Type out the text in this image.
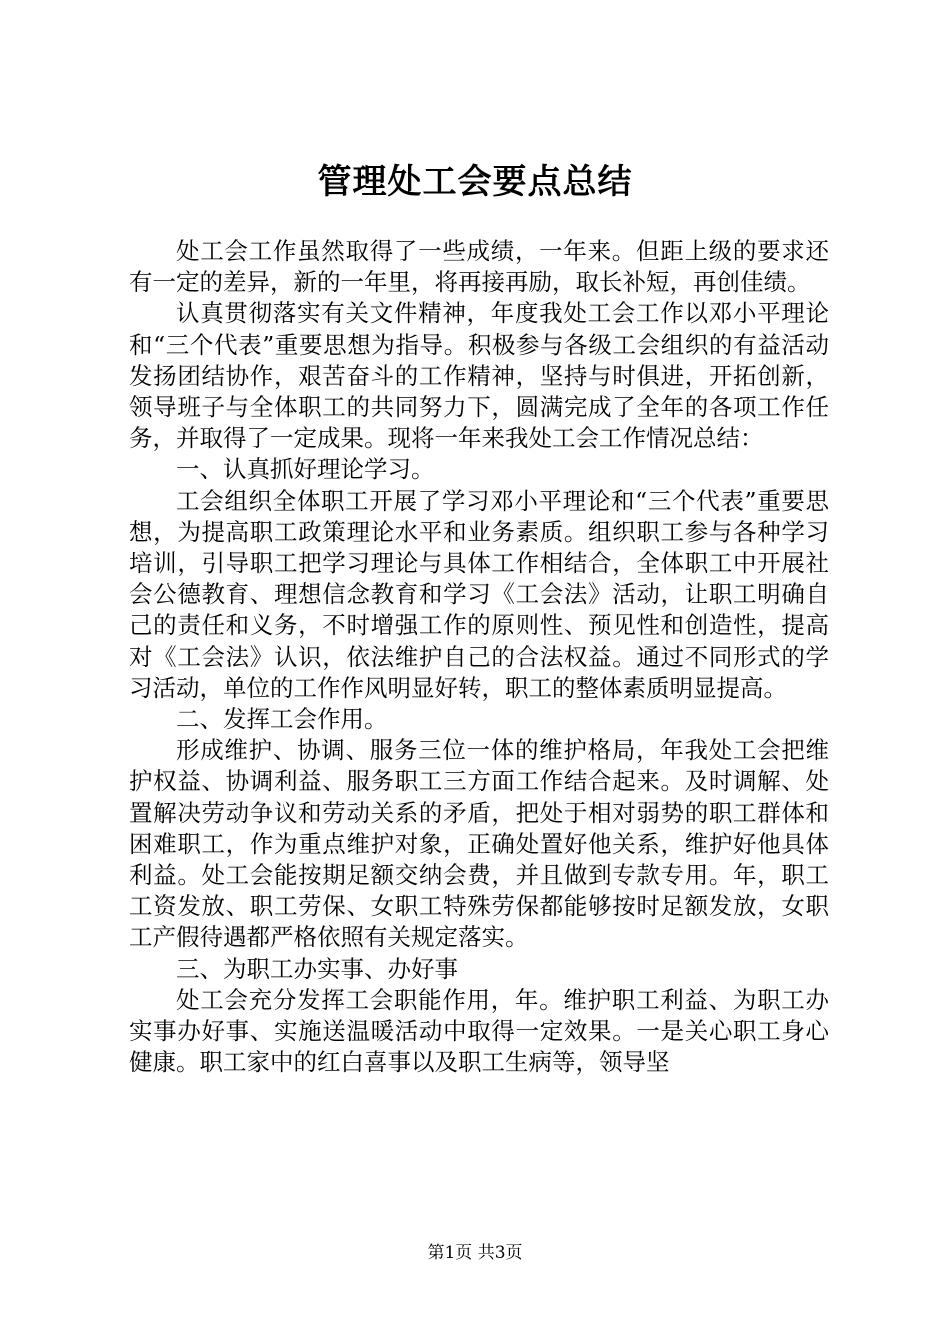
管理处工会要点总结

处工会工作虽然取得了一些成绩，一年来。但距上级的要求还有一定的差异，新的一年里，将再接再励，取长补短，再创佳绩。

认真贯彻落实有关文件精神，年度我处工会工作以邓小平理论和“三个代表”重要思想为指导。积极参与各级工会组织的有益活动发扬团结协作，艰苦奋斗的工作精神，坚持与时俱进，开拓创新，领导班子与全体职工的共同努力下，圆满完成了全年的各项工作任务，并取得了一定成果。现将一年来我处工会工作情况总结：

一、认真抓好理论学习。

工会组织全体职工开展了学习邓小平理论和“三个代表”重要思想，为提高职工政策理论水平和业务素质。组织职工参与各种学习培训，引导职工把学习理论与具体工作相结合，全体职工中开展社会公德教育、理想信念教育和学习《工会法》活动，让职工明确自己的责任和义务，不时增强工作的原则性、预见性和创造性，提高对《工会法》认识，依法维护自己的合法权益。通过不同形式的学习活动，单位的工作作风明显好转，职工的整体素质明显提高。

二、发挥工会作用。

形成维护、协调、服务三位一体的维护格局，年我处工会把维护权益、协调利益、服务职工三方面工作结合起来。及时调解、处置解决劳动争议和劳动关系的矛盾，把处于相对弱势的职工群体和困难职工，作为重点维护对象，正确处置好他关系，维护好他具体利益。处工会能按期足额交纳会费，并且做到专款专用。年，职工工资发放、职工劳保、女职工特殊劳保都能够按时足额发放，女职工产假待遇都严格依照有关规定落实。

三、为职工办实事、办好事

处工会充分发挥工会职能作用，年。维护职工利益、为职工办实事办好事、实施送温暖活动中取得一定效果。一是关心职工身心健康。职工家中的红白喜事以及职工生病等，领导坚

第1页 共3页
